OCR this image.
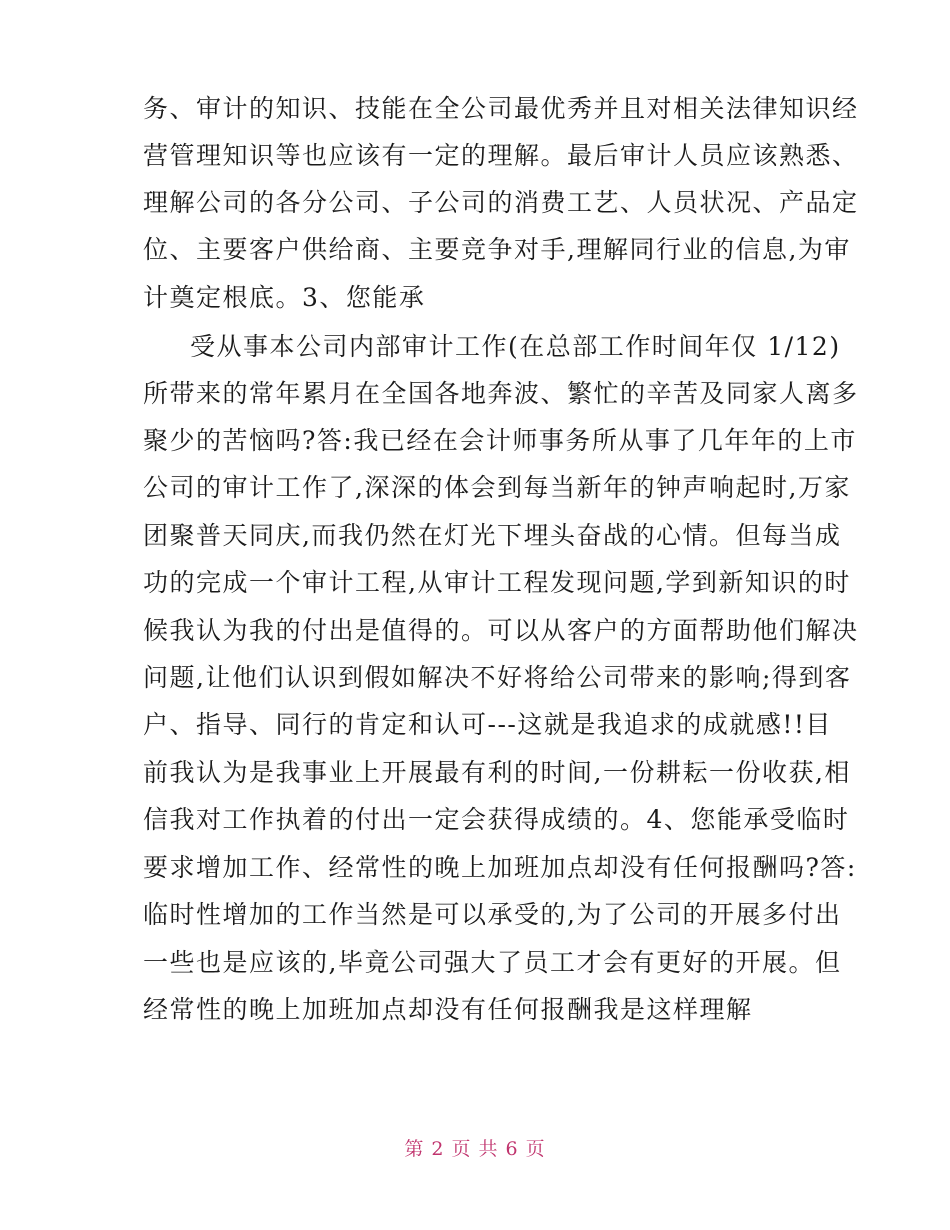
务、审计的知识、技能在全公司最优秀并且对相关法律知识经
营管理知识等也应该有一定的理解。最后审计人员应该熟悉、
理解公司的各分公司、子公司的消费工艺、人员状况、产品定
位、主要客户供给商、主要竞争对手,理解同行业的信息,为审
计奠定根底。3、您能承
受从事本公司内部审计工作(在总部工作时间年仅 1/12)
所带来的常年累月在全国各地奔波、繁忙的辛苦及同家人离多
聚少的苦恼吗?答:我已经在会计师事务所从事了几年年的上市
公司的审计工作了,深深的体会到每当新年的钟声响起时,万家
团聚普天同庆,而我仍然在灯光下埋头奋战的心情。但每当成
功的完成一个审计工程,从审计工程发现问题,学到新知识的时
候我认为我的付出是值得的。可以从客户的方面帮助他们解决
问题,让他们认识到假如解决不好将给公司带来的影响;得到客
户、指导、同行的肯定和认可---这就是我追求的成就感!!目
前我认为是我事业上开展最有利的时间,一份耕耘一份收获,相
信我对工作执着的付出一定会获得成绩的。4、您能承受临时
要求增加工作、经常性的晚上加班加点却没有任何报酬吗?答:
临时性增加的工作当然是可以承受的,为了公司的开展多付出
一些也是应该的,毕竟公司强大了员工才会有更好的开展。但
经常性的晚上加班加点却没有任何报酬我是这样理解
第 2 页 共 6 页
